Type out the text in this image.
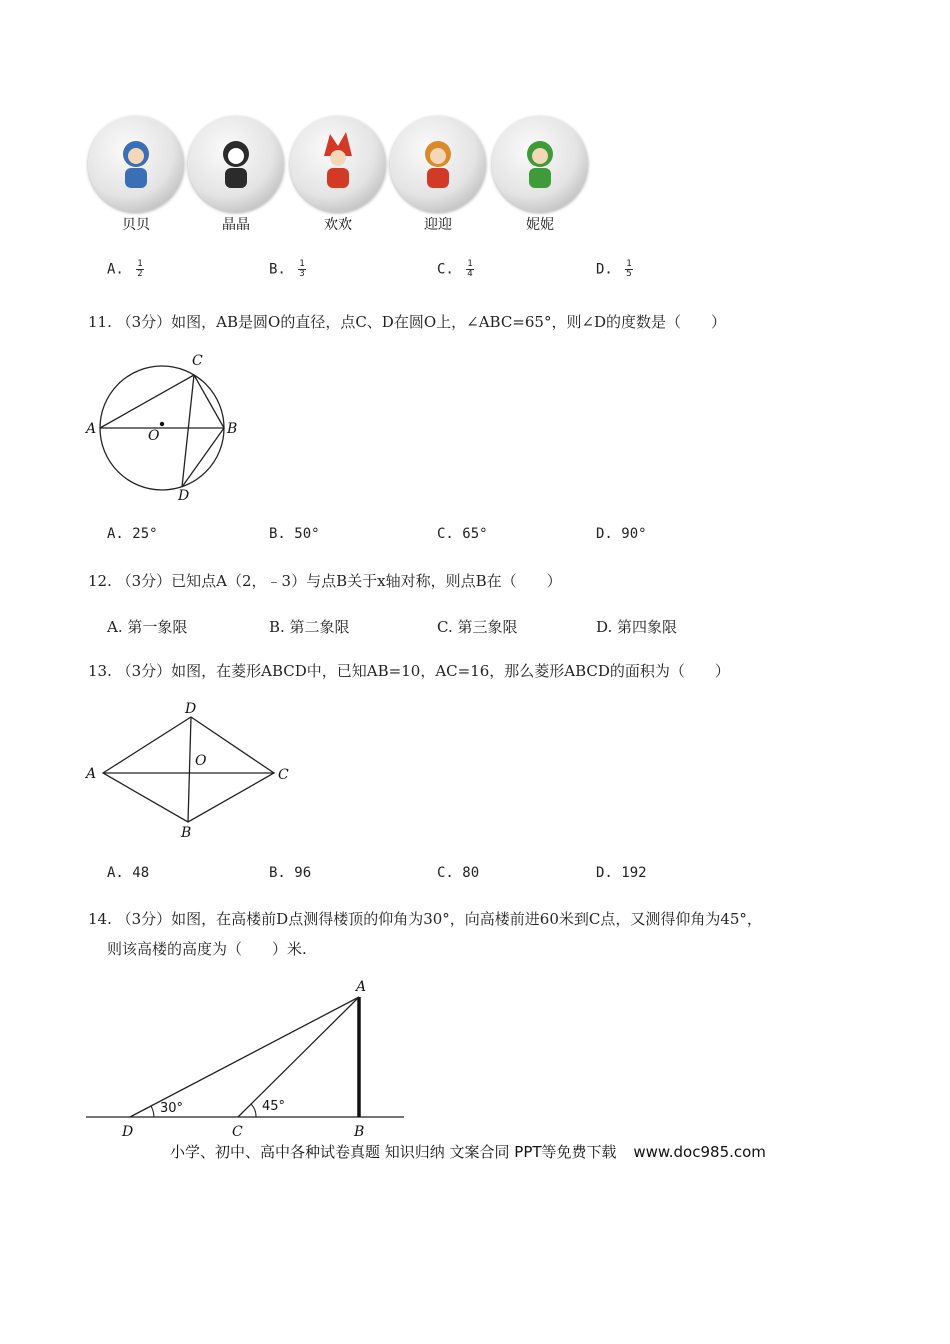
贝贝	晶晶	欢欢	迎迎	妮妮
A. $\frac{1}{2}$	B. $\frac{1}{3}$	C. $\frac{1}{4}$	D. $\frac{1}{5}$
11. （3分）如图，AB是圆O的直径，点C、D在圆O上，∠ABC=65°，则∠D的度数是（　　）
A	B
C
D
O
A. 25°	B. 50°	C. 65°	D. 90°
12. （3分）已知点A（2，﹣3）与点B关于x轴对称，则点B在（　　）
A. 第一象限	B. 第二象限	C. 第三象限	D. 第四象限
13. （3分）如图，在菱形ABCD中，已知AB=10，AC=16，那么菱形ABCD的面积为（　　）
A	C
D
B
O
A. 48	B. 96	C. 80	D. 192
14. （3分）如图，在高楼前D点测得楼顶的仰角为30°，向高楼前进60米到C点，又测得仰角为45°，
则该高楼的高度为（　　）米.
A
B
C
D
30°	45°
小学、初中、高中各种试卷真题 知识归纳 文案合同 PPT等免费下载 www.doc985.com
